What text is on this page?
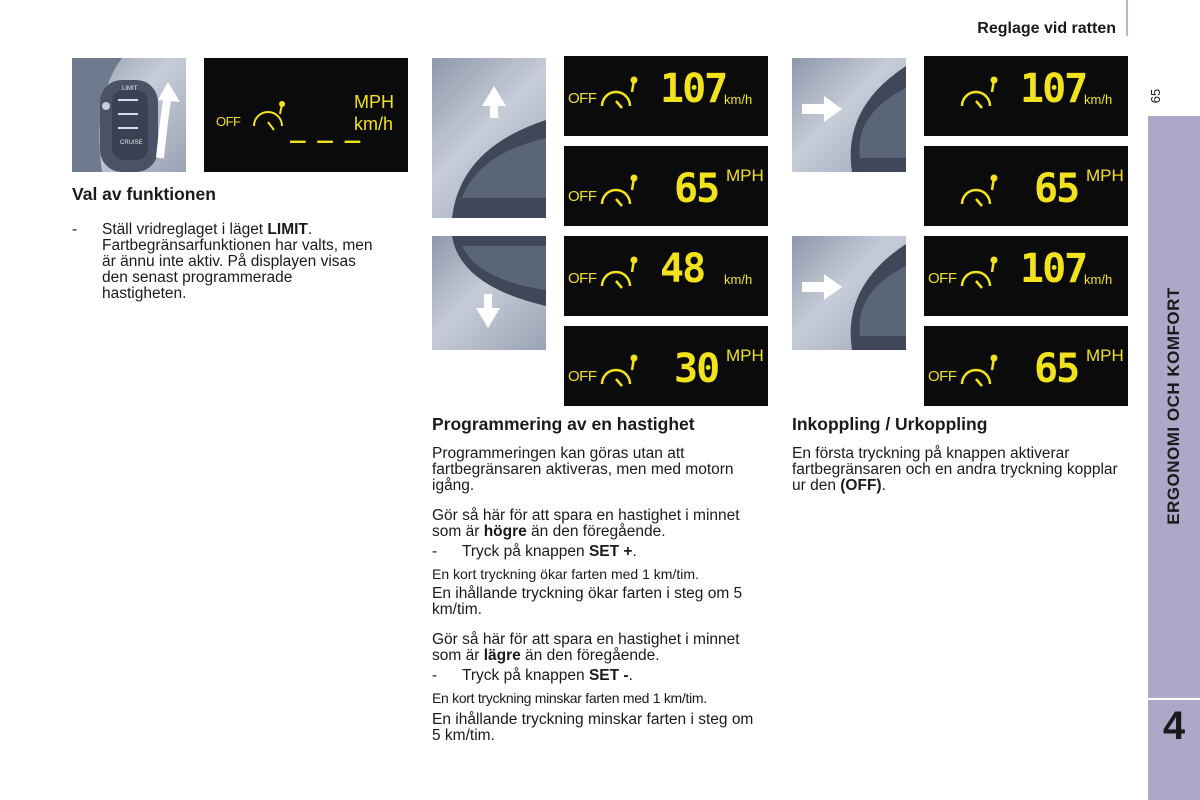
Reglage vid ratten
65
ERGONOMI OCH KOMFORT
4
LIMIT
CRUISE
OFF _ _ _
MPH
km/h
Val av funktionen
-	Ställ vridreglaget i läget LIMIT. Fartbegränsarfunktionen har valts, men är ännu inte aktiv. På displayen visas den senast programmerade hastigheten.
OFF 107
km/h
OFF 65 MPH
OFF 48 km/h
OFF 30 MPH
107
km/h
65 MPH
OFF 107
km/h
OFF 65 MPH
Programmering av en hastighet
Programmeringen kan göras utan att fartbegränsaren aktiveras, men med motorn igång.
Gör så här för att spara en hastighet i minnet som är högre än den föregående.
-	Tryck på knappen SET +.
En kort tryckning ökar farten med 1 km/tim.
En ihållande tryckning ökar farten i steg om 5 km/tim.
Gör så här för att spara en hastighet i minnet som är lägre än den föregående.
-	Tryck på knappen SET -.
En kort tryckning minskar farten med 1 km/tim.
En ihållande tryckning minskar farten i steg om 5 km/tim.
Inkoppling / Urkoppling
En första tryckning på knappen aktiverar fartbegränsaren och en andra tryckning kopplar ur den (OFF).
